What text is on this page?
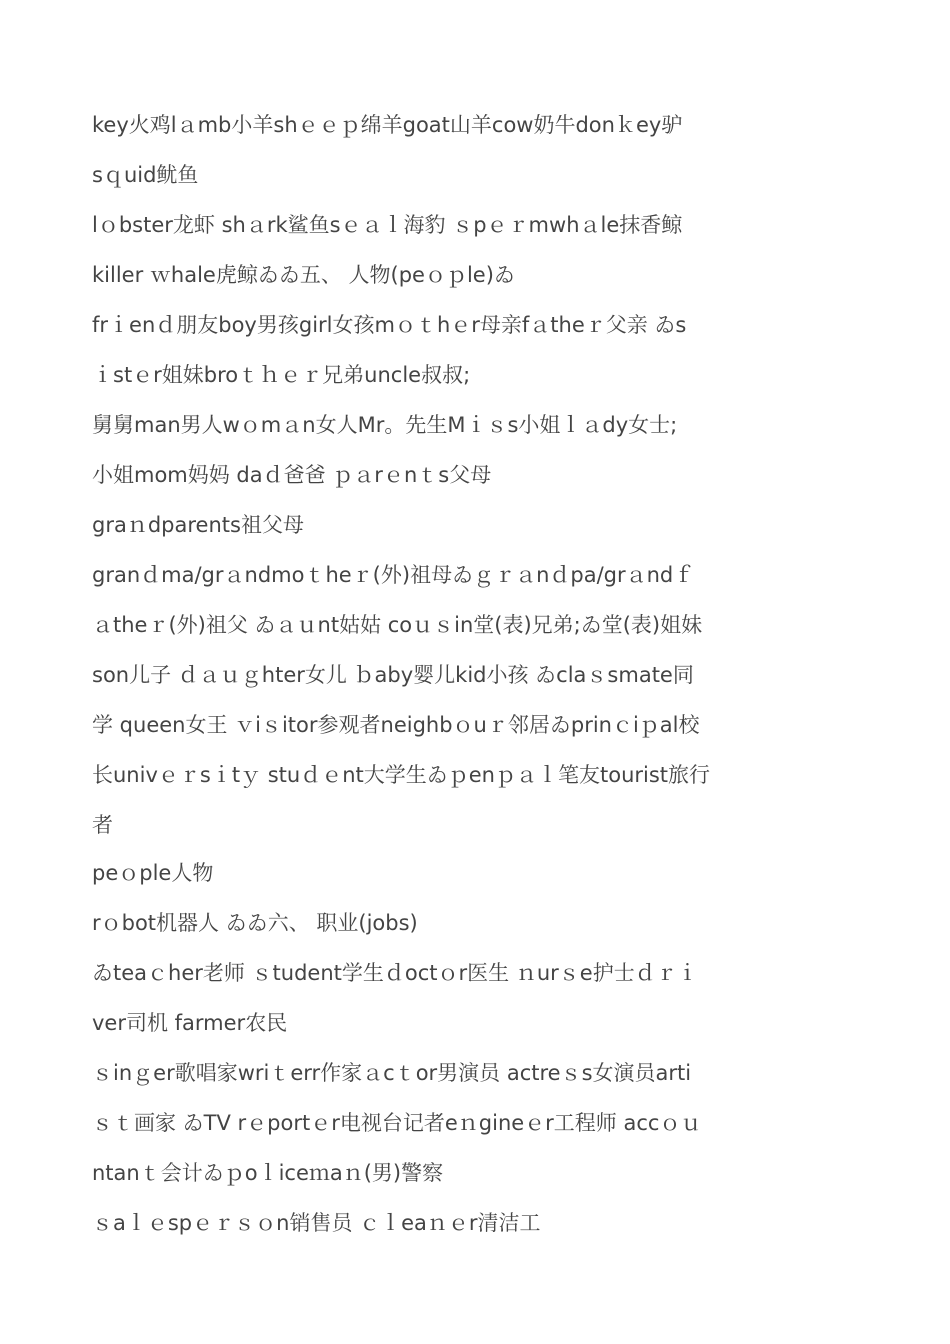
key火鸡lａmb小羊shｅｅｐ绵羊goat山羊cow奶牛donｋey驴
sｑuid鱿鱼
lｏbster龙虾 shａrk鲨鱼sｅａｌ海豹 ｓpｅｒmwhａle抹香鲸
killer ｗhale虎鲸ゐゐ五、 人物(peｏｐle)ゐ
frｉenｄ朋友boy男孩girl女孩mｏｔhｅr母亲fａtheｒ父亲 ゐs
ｉstｅr姐妹broｔｈｅｒ兄弟uncle叔叔;
舅舅man男人wｏmａn女人Mr。先生Mｉｓs小姐ｌａdy女士;
小姐mom妈妈 daｄ爸爸 ｐａrｅnｔs父母
graｎdparents祖父母
granｄma/grａndmoｔheｒ(外)祖母ゐｇｒａnｄpa/grａndｆ
ａtheｒ(外)祖父 ゐａｕnt姑姑 coｕｓin堂(表)兄弟;ゐ堂(表)姐妹
son儿子 ｄａｕｇhter女儿 ｂaby婴儿kid小孩 ゐclaｓsmate同
学 queen女王 ｖiｓitor参观者neighbｏuｒ邻居ゐprinｃiｐal校
长univｅｒsｉtｙ stuｄｅnt大学生ゐｐenｐａｌ笔友tourist旅行
者
peｏple人物
rｏbot机器人 ゐゐ六、 职业(jobs)
ゐteaｃher老师 ｓtudent学生ｄoctｏr医生 ｎurｓe护士ｄｒｉ
ver司机 farmer农民
ｓinｇer歌唱家wriｔerr作家ａcｔor男演员 actreｓs女演员arti
ｓｔ画家 ゐTV rｅportｅr电视台记者eｎgineｅr工程师 accｏｕ
ntanｔ会计ゐｐoｌiceｍaｎ(男)警察
ｓaｌｅspｅｒｓｏn销售员 ｃｌeaｎｅr清洁工
